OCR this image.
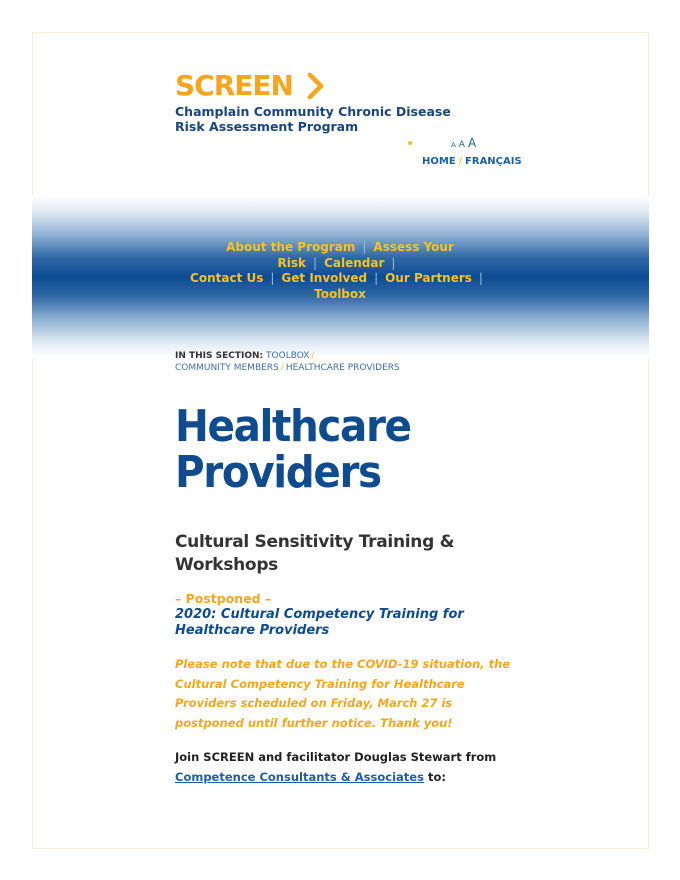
SCREEN
Champlain Community Chronic Disease Risk Assessment Program
A A A
HOME / FRANÇAIS
About the Program | Assess Your Risk | Calendar |
Contact Us | Get Involved | Our Partners |
Toolbox
IN THIS SECTION: TOOLBOX /
COMMUNITY MEMBERS / HEALTHCARE PROVIDERS
Healthcare
Providers
Cultural Sensitivity Training & Workshops
– Postponed –
2020: Cultural Competency Training for Healthcare Providers
Please note that due to the COVID-19 situation, the Cultural Competency Training for Healthcare Providers scheduled on Friday, March 27 is postponed until further notice. Thank you!
Join SCREEN and facilitator Douglas Stewart from Competence Consultants & Associates to:
